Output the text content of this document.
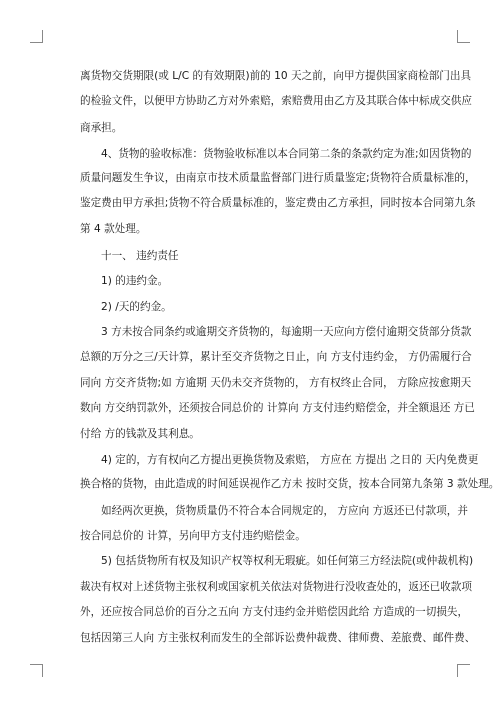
离货物交货期限(或 L/C 的有效期限)前的 10 天之前，向甲方提供国家商检部门出具
的检验文件，以便甲方协助乙方对外索赔，索赔费用由乙方及其联合体中标成交供应
商承担。
4、货物的验收标准：货物验收标准以本合同第二条的条款约定为准;如因货物的
质量问题发生争议，由南京市技术质量监督部门进行质量鉴定;货物符合质量标准的，
鉴定费由甲方承担;货物不符合质量标准的，鉴定费由乙方承担，同时按本合同第九条
第 4 款处理。
十一、 违约责任
1) 的违约金。
2) /天的约金。
3 方未按合同条约或逾期交齐货物的，每逾期一天应向方偿付逾期交货部分货款
总额的万分之三/天计算，累计至交齐货物之日止，向 方支付违约金， 方仍需履行合
同向 方交齐货物;如 方逾期 天仍未交齐货物的， 方有权终止合同， 方除应按愈期天
数向 方交纳罚款外，还须按合同总价的 计算向 方支付违约赔偿金，并全额退还 方已
付给 方的钱款及其利息。
4) 定的，方有权向乙方提出更换货物及索赔， 方应在 方提出 之日的 天内免费更
换合格的货物，由此造成的时间延误视作乙方未 按时交货，按本合同第九条第 3 款处理。
如经两次更换，货物质量仍不符合本合同规定的， 方应向 方返还已付款项，并
按合同总价的 计算，另向甲方支付违约赔偿金。
5) 包括货物所有权及知识产权等权利无瑕疵。如任何第三方经法院(或仲裁机构)
裁决有权对上述货物主张权利或国家机关依法对货物进行没收查处的，返还已收款项
外，还应按合同总价的百分之五向 方支付违约金并赔偿因此给 方造成的一切损失，
包括因第三人向 方主张权利而发生的全部诉讼费仲裁费、律师费、差旅费、邮件费、
